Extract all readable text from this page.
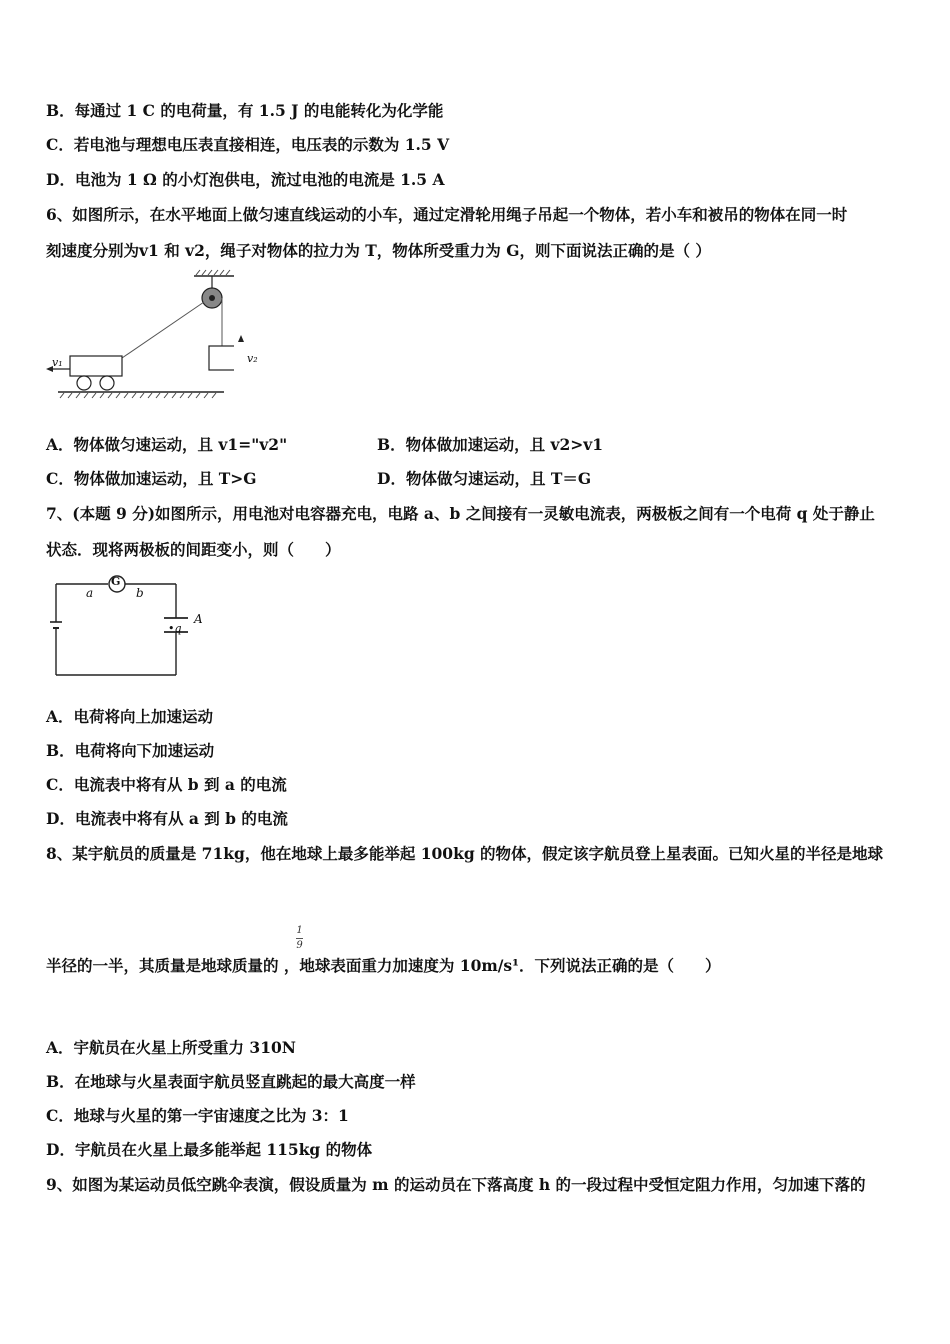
B．每通过 1 C 的电荷量，有 1.5 J 的电能转化为化学能
C．若电池与理想电压表直接相连，电压表的示数为 1.5 V
D．电池为 1 Ω 的小灯泡供电，流过电池的电流是 1.5 A
6、如图所示，在水平地面上做匀速直线运动的小车，通过定滑轮用绳子吊起一个物体，若小车和被吊的物体在同一时
刻速度分别为v1 和 v2，绳子对物体的拉力为 T，物体所受重力为 G，则下面说法正确的是（ ）
v₁	v₂
A．物体做匀速运动，且 v1="v2"	B．物体做加速运动，且 v2>v1
C．物体做加速运动，且 T>G	D．物体做匀速运动，且 T＝G
7、(本题 9 分)如图所示，用电池对电容器充电，电路 a、b 之间接有一灵敏电流表，两极板之间有一个电荷 q 处于静止
状态．现将两极板的间距变小，则（　　）
G
a	b
•q
A
A．电荷将向上加速运动
B．电荷将向下加速运动
C．电流表中将有从 b 到 a 的电流
D．电流表中将有从 a 到 b 的电流
8、某宇航员的质量是 71kg，他在地球上最多能举起 100kg 的物体，假定该字航员登上星表面。已知火星的半径是地球
1
9
半径的一半，其质量是地球质量的 ，地球表面重力加速度为 10m/s¹．下列说法正确的是（　　）
A．宇航员在火星上所受重力 310N
B．在地球与火星表面宇航员竖直跳起的最大高度一样
C．地球与火星的第一宇宙速度之比为 3：1
D．宇航员在火星上最多能举起 115kg 的物体
9、如图为某运动员低空跳伞表演，假设质量为 m 的运动员在下落高度 h 的一段过程中受恒定阻力作用，匀加速下落的
